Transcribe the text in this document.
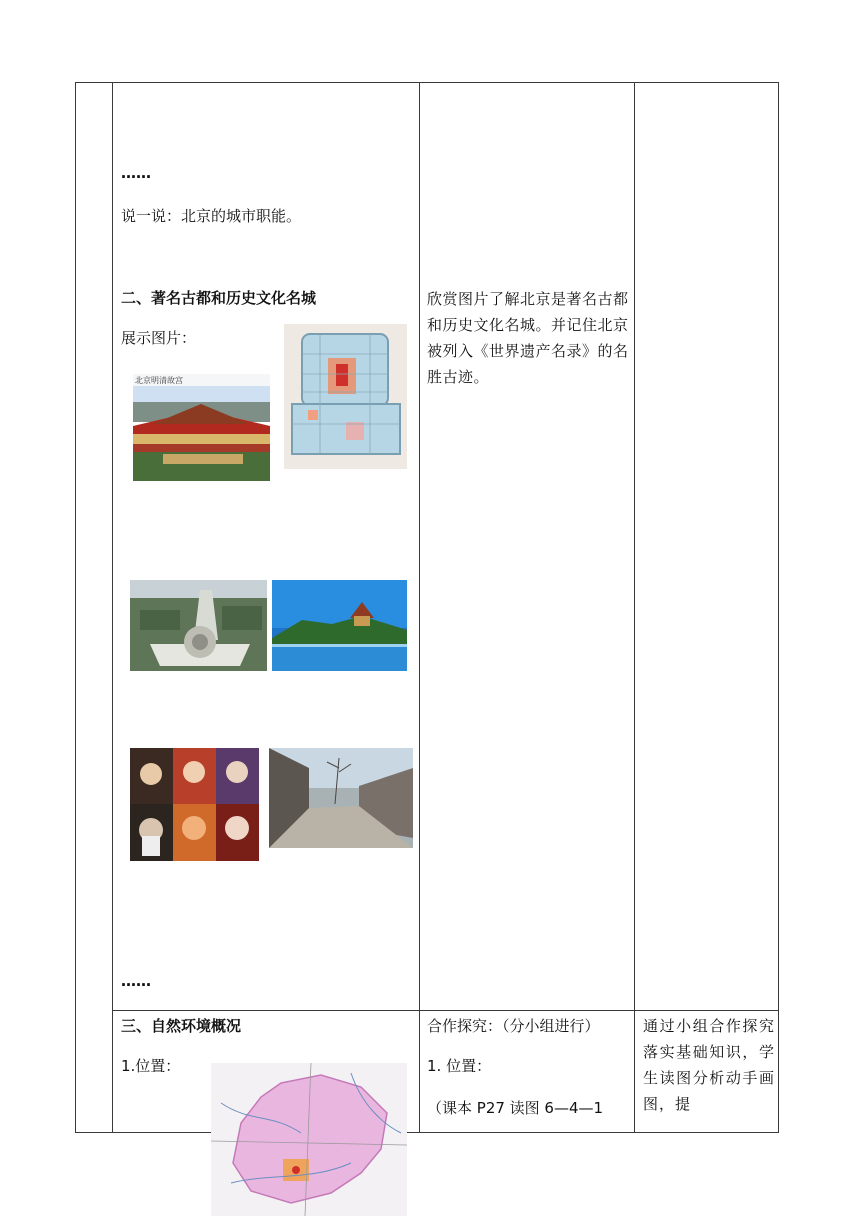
……
说一说：北京的城市职能。
二、著名古都和历史文化名城
展示图片：
北京明清故宫
……
三、自然环境概况
1.位置：
欣赏图片了解北京是著名古都和历史文化名城。并记住北京被列入《世界遗产名录》的名胜古迹。
合作探究：（分小组进行）
1. 位置：
（课本 P27 读图 6—4—1
通过小组合作探究落实基础知识，学生读图分析动手画图，提
